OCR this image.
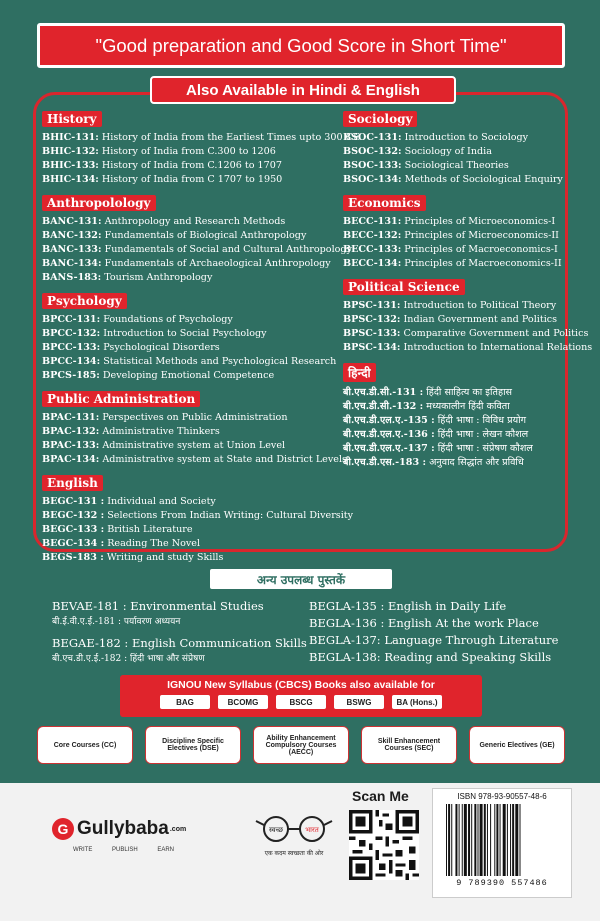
"Good preparation and Good Score in Short Time"
Also Available in Hindi & English
History
BHIC-131: History of India from the Earliest Times upto 300 CE
BHIC-132: History of India from C.300 to 1206
BHIC-133: History of India from C.1206 to 1707
BHIC-134: History of India from C 1707 to 1950
Anthropolology
BANC-131: Anthropology and Research Methods
BANC-132: Fundamentals of Biological Anthropology
BANC-133: Fundamentals of Social and Cultural Anthropology
BANC-134: Fundamentals of Archaeological Anthropology
BANS-183: Tourism Anthropology
Psychology
BPCC-131: Foundations of Psychology
BPCC-132: Introduction to Social Psychology
BPCC-133: Psychological Disorders
BPCC-134: Statistical Methods and Psychological Research
BPCS-185: Developing Emotional Competence
Public Administration
BPAC-131: Perspectives on Public Administration
BPAC-132: Administrative Thinkers
BPAC-133: Administrative system at Union Level
BPAC-134: Administrative system at State and District Levels
English
BEGC-131 : Individual and Society
BEGC-132 : Selections From Indian Writing: Cultural Diversity
BEGC-133 : British Literature
BEGC-134 : Reading The Novel
BEGS-183 : Writing and study Skills
Sociology
BSOC-131: Introduction to Sociology
BSOC-132: Sociology of India
BSOC-133: Sociological Theories
BSOC-134: Methods of Sociological Enquiry
Economics
BECC-131: Principles of Microeconomics-I
BECC-132: Principles of Microeconomics-II
BECC-133: Principles of Macroeconomics-I
BECC-134: Principles of Macroeconomics-II
Political Science
BPSC-131: Introduction to Political Theory
BPSC-132: Indian Government and Politics
BPSC-133: Comparative Government and Politics
BPSC-134: Introduction to International Relations
हिन्दी
बी.एच.डी.सी.-131 : हिंदी साहित्य का इतिहास
बी.एच.डी.सी.-132 : मध्यकालीन हिंदी कविता
बी.एच.डी.एल.ए.-135 : हिंदी भाषा : विविध प्रयोग
बी.एच.डी.एल.ए.-136 : हिंदी भाषा : लेखन कौशल
बी.एच.डी.एल.ए.-137 : हिंदी भाषा : संप्रेषण कौशल
बी.एच.डी.एस.-183 : अनुवाद सिद्धांत और प्रविधि
अन्य उपलब्ध पुस्तकें
BEVAE-181 : Environmental Studies
बी.ई.वी.ए.ई.-181 : पर्यावरण अध्ययन
BEGAE-182 : English Communication Skills
बी.एच.डी.ए.ई.-182 : हिंदी भाषा और संप्रेषण
BEGLA-135 : English in Daily Life
BEGLA-136 : English At the work Place
BEGLA-137: Language Through Literature
BEGLA-138: Reading and Speaking Skills
IGNOU New Syllabus (CBCS) Books also available for
BAG	BCOMG	BSCG	BSWG	BA (Hons.)
Core Courses (CC)	Discipline Specific Electives (DSE)
Ability Enhancement Compulsory Courses (AECC)
Skill Enhancement Courses (SEC)	Generic Electives (GE)
G Gullybaba .com
WRITE PUBLISH EARN
स्वच्छ	भारत
एक कदम स्वच्छता की ओर
Scan Me	ISBN 978-93-90557-48-6
9 789390 557486
